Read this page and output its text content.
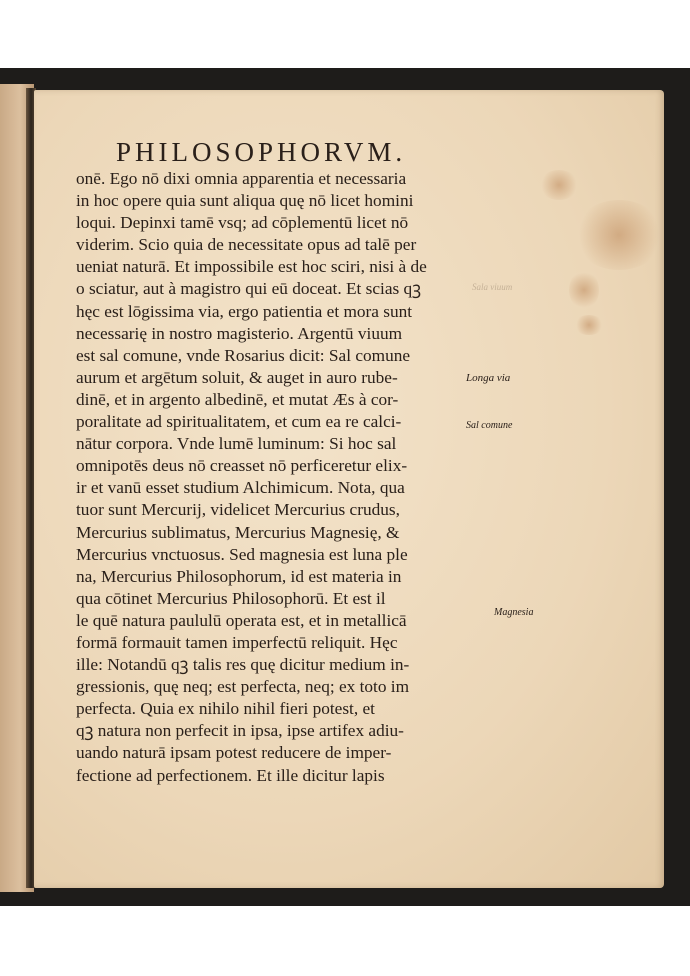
PHILOSOPHORVM.
onē. Ego nō dixi omnia apparentia et necessaria
in hoc opere quia sunt aliqua quę nō licet homini
loqui. Depinxi tamē vsq; ad cōplementū licet nō
viderim. Scio quia de necessitate opus ad talē per
ueniat naturā. Et impossibile est hoc sciri, nisi à de
o sciatur, aut à magistro qui eū doceat. Et scias qꝫ
hęc est lōgissima via, ergo patientia et mora sunt
necessarię in nostro magisterio. Argentū viuum
est sal comune, vnde Rosarius dicit: Sal comune
aurum et argētum soluit, & auget in auro rube-
dinē, et in argento albedinē, et mutat Æs à cor-
poralitate ad spiritualitatem, et cum ea re calci-
nātur corpora. Vnde lumē luminum: Si hoc sal
omnipotēs deus nō creasset nō perficeretur elix-
ir et vanū esset studium Alchimicum. Nota, qua
tuor sunt Mercurij, videlicet Mercurius crudus,
Mercurius sublimatus, Mercurius Magnesię, &
Mercurius vnctuosus. Sed magnesia est luna ple
na, Mercurius Philosophorum, id est materia in
qua cōtinet Mercurius Philosophorū. Et est il
le quē natura paululū operata est, et in metallicā
formā formauit tamen imperfectū reliquit. Hęc
ille: Notandū qꝫ talis res quę dicitur medium in-
gressionis, quę neq; est perfecta, neq; ex toto im
perfecta. Quia ex nihilo nihil fieri potest, et
qꝫ natura non perfecit in ipsa, ipse artifex adiu-
uando naturā ipsam potest reducere de imper-
fectione ad perfectionem. Et ille dicitur lapis
Sala viuum
Longa via
Sal comune
Magnesia
